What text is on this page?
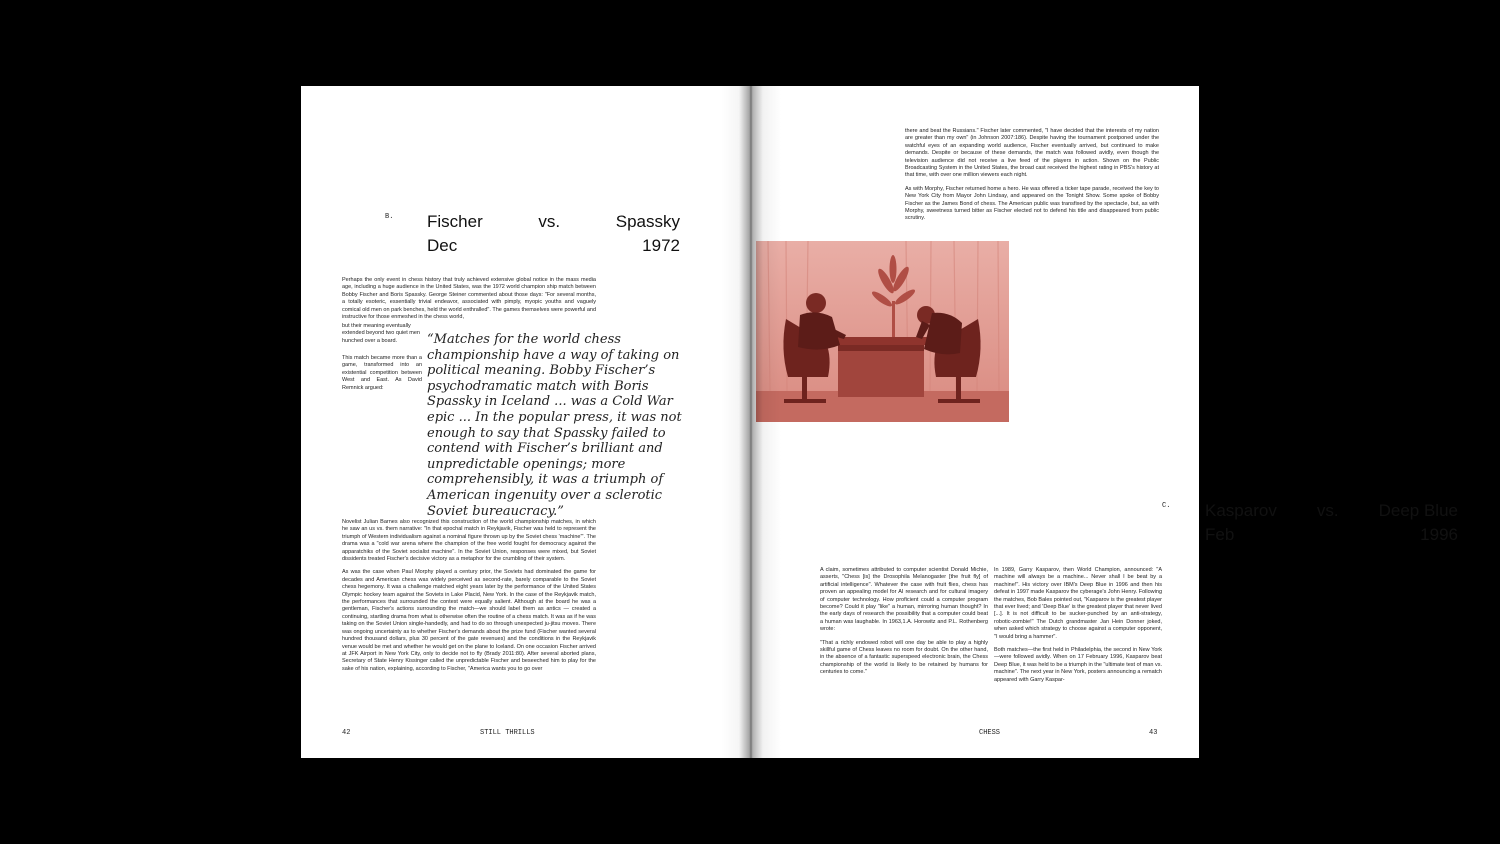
B. Fischer	vs.	Spassky
Dec	1972

Perhaps the only event in chess history that truly achieved extensive global notice in the mass media age, including a huge audience in the United States, was the 1972 world champion ship match between Bobby Fischer and Boris Spassky. George Steiner commented about those days: "For several months, a totally esoteric, essentially trivial endeavor, associated with pimply, myopic youths and vaguely comical old men on park benches, held the world enthralled". The games themselves were powerful and instructive for those enmeshed in the chess world,

but their meaning eventually extended beyond two quiet men hunched over a board.

This match became more than a game, transformed into an existential competition between West and East. As David Remnick argued:

“Matches for the world chess championship have a way of taking on political meaning. Bobby Fischer’s psychodramatic match with Boris Spassky in Iceland ... was a Cold War epic ... In the popular press, it was not enough to say that Spassky failed to contend with Fischer’s brilliant and unpredictable openings; more comprehensibly, it was a triumph of American ingenuity over a sclerotic Soviet bureaucracy.”

Novelist Julian Barnes also recognized this construction of the world championship matches, in which he saw an us vs. them narrative: "In that epochal match in Reykjavik, Fischer was held to represent the triumph of Western individualism against a nominal figure thrown up by the Soviet chess 'machine'". The drama was a "cold war arena where the champion of the free world fought for democracy against the apparatchiks of the Soviet socialist machine". In the Soviet Union, responses were mixed, but Soviet dissidents treated Fischer's decisive victory as a metaphor for the crumbling of their system.

As was the case when Paul Morphy played a century prior, the Soviets had dominated the game for decades and American chess was widely perceived as second-rate, barely comparable to the Soviet chess hegemony. It was a challenge matched eight years later by the performance of the United States Olympic hockey team against the Soviets in Lake Placid, New York. In the case of the Reykjavik match, the performances that surrounded the contest were equally salient. Although at the board he was a gentleman, Fischer's actions surrounding the match—we should label them as antics — created a continuing, startling drama from what is otherwise often the routine of a chess match. It was as if he was taking on the Soviet Union single-handedly, and had to do so through unexpected ju-jitsu moves. There was ongoing uncertainty as to whether Fischer's demands about the prize fund (Fischer wanted several hundred thousand dollars, plus 30 percent of the gate revenues) and the conditions in the Reykjavik venue would be met and whether he would get on the plane to Iceland. On one occasion Fischer arrived at JFK Airport in New York City, only to decide not to fly (Brady 2011:80). After several aborted plans, Secretary of State Henry Kissinger called the unpredictable Fischer and beseeched him to play for the sake of his nation, explaining, according to Fischer, "America wants you to go over

42	STILL THRILLS

there and beat the Russians." Fischer later commented, "I have decided that the interests of my nation are greater than my own" (in Johnson 2007:186). Despite having the tournament postponed under the watchful eyes of an expanding world audience, Fischer eventually arrived, but continued to make demands. Despite or because of these demands, the match was followed avidly, even though the television audience did not receive a live feed of the players in action. Shown on the Public Broadcasting System in the United States, the broad cast received the highest rating in PBS's history at that time, with over one million viewers each night.

As with Morphy, Fischer returned home a hero. He was offered a ticker tape parade, received the key to New York City from Mayor John Lindsay, and appeared on the Tonight Show. Some spoke of Bobby Fischer as the James Bond of chess. The American public was transfixed by the spectacle, but, as with Morphy, sweetness turned bitter as Fischer elected not to defend his title and disappeared from public scrutiny.

C. Kasparov vs. Deep Blue
Feb	1996

A claim, sometimes attributed to computer scientist Donald Michie, asserts, "Chess [is] the Drosophila Melanogaster [the fruit fly] of artificial intelligence". Whatever the case with fruit flies, chess has proven an appealing model for AI research and for cultural imagery of computer technology. How proficient could a computer program become? Could it play "like" a human, mirroring human thought? In the early days of research the possibility that a computer could beat a human was laughable. In 1963,1.A. Horowitz and P.L. Rothenberg wrote:

"That a richly endowed robot will one day be able to play a highly skillful game of Chess leaves no room for doubt. On the other hand, in the absence of a fantastic superspeed electronic brain, the Chess championship of the world is likely to be retained by humans for centuries to come."

In 1989, Garry Kasparov, then World Champion, announced: "A machine will always be a machine... Never shall I be beat by a machine!". His victory over IBM's Deep Blue in 1996 and then his defeat in 1997 made Kasparov the cyberage's John Henry. Following the matches, Bob Bales pointed out, "Kasparov is the greatest player that ever lived; and 'Deep Blue' is the greatest player that never lived [...]. It is not difficult to be sucker-punched by an anti-strategy, robotic-zombie!" The Dutch grandmaster Jan Hein Donner joked, when asked which strategy to choose against a computer opponent, "I would bring a hammer".

Both matches—the first held in Philadelphia, the second in New York—were followed avidly. When on 17 February 1996, Kasparov beat Deep Blue, it was held to be a triumph in the "ultimate test of man vs. machine". The next year in New York, posters announcing a rematch appeared with Garry Kaspar-

CHESS	43
